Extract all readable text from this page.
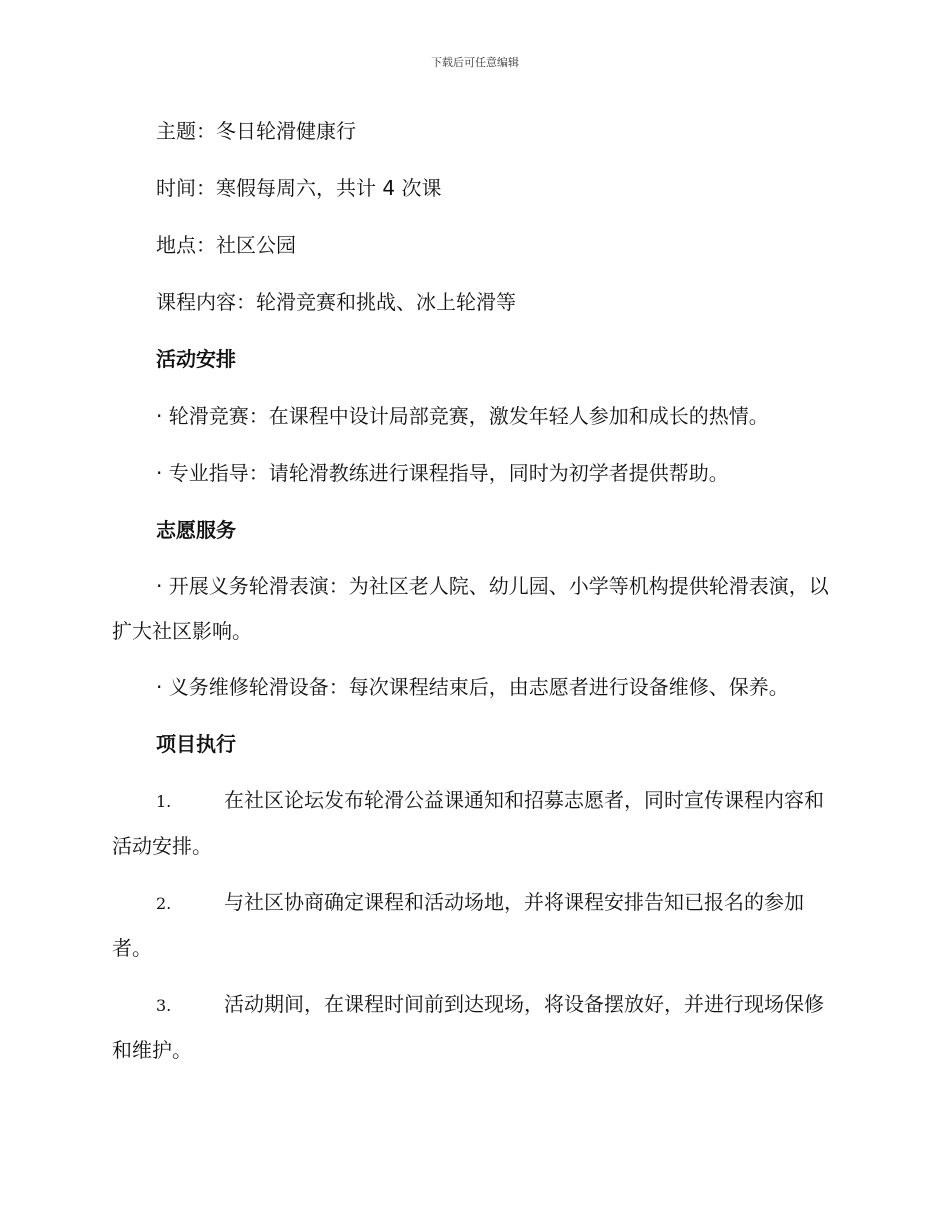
下载后可任意编辑
主题：冬日轮滑健康行
时间：寒假每周六，共计 4 次课
地点：社区公园
课程内容：轮滑竞赛和挑战、冰上轮滑等
活动安排
· 轮滑竞赛：在课程中设计局部竞赛，激发年轻人参加和成长的热情。
· 专业指导：请轮滑教练进行课程指导，同时为初学者提供帮助。
志愿服务
· 开展义务轮滑表演：为社区老人院、幼儿园、小学等机构提供轮滑表演，以扩大社区影响。
· 义务维修轮滑设备：每次课程结束后，由志愿者进行设备维修、保养。
项目执行
1.	在社区论坛发布轮滑公益课通知和招募志愿者，同时宣传课程内容和活动安排。
2.	与社区协商确定课程和活动场地，并将课程安排告知已报名的参加者。
3.	活动期间，在课程时间前到达现场，将设备摆放好，并进行现场保修和维护。
